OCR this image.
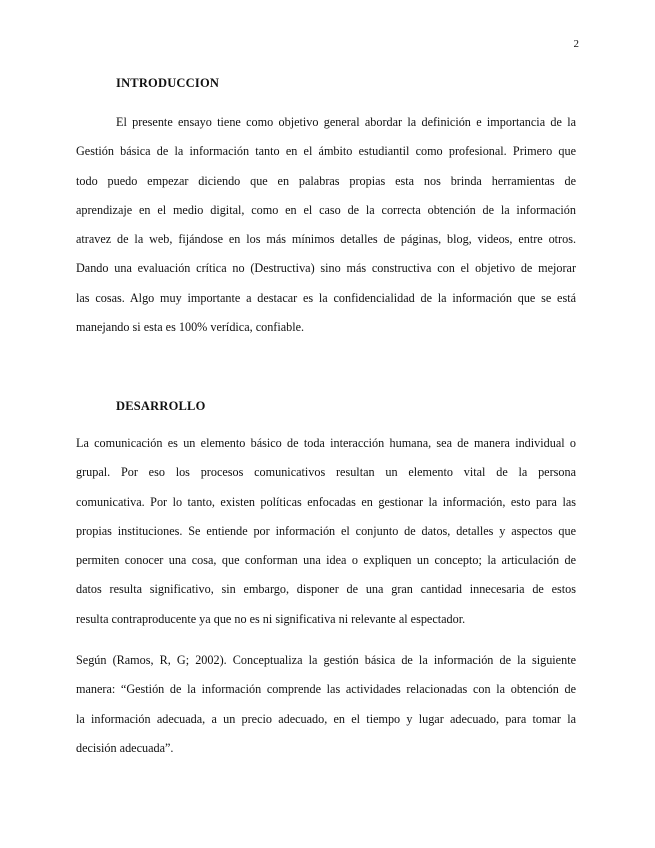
2
INTRODUCCION

El presente ensayo tiene como objetivo general abordar la definición e importancia de la
Gestión básica de la información tanto en el ámbito estudiantil como profesional. Primero que
todo puedo empezar diciendo que en palabras propias esta nos brinda herramientas de
aprendizaje en el medio digital, como en el caso de la correcta obtención de la información
atravez de la web, fijándose en los más mínimos detalles de páginas, blog, videos, entre otros.
Dando una evaluación crítica no (Destructiva) sino más constructiva con el objetivo de mejorar
las cosas. Algo muy importante a destacar es la confidencialidad de la información que se está
manejando si esta es 100% verídica, confiable.

DESARROLLO

La comunicación es un elemento básico de toda interacción humana, sea de manera individual o
grupal. Por eso los procesos comunicativos resultan un elemento vital de la persona
comunicativa. Por lo tanto, existen políticas enfocadas en gestionar la información, esto para las
propias instituciones. Se entiende por información el conjunto de datos, detalles y aspectos que
permiten conocer una cosa, que conforman una idea o expliquen un concepto; la articulación de
datos resulta significativo, sin embargo, disponer de una gran cantidad innecesaria de estos
resulta contraproducente ya que no es ni significativa ni relevante al espectador.

Según (Ramos, R, G; 2002). Conceptualiza la gestión básica de la información de la siguiente
manera: “Gestión de la información comprende las actividades relacionadas con la obtención de
la información adecuada, a un precio adecuado, en el tiempo y lugar adecuado, para tomar la
decisión adecuada”.
